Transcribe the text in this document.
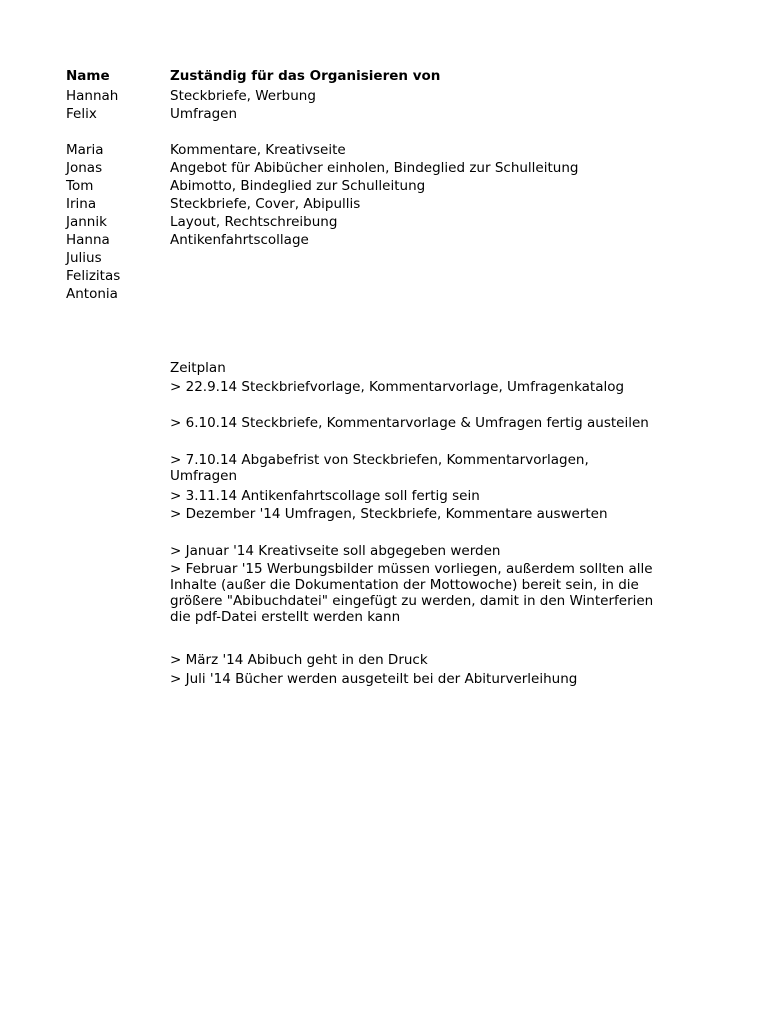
Name	Zuständig für das Organisieren von
Hannah	Steckbriefe, Werbung
Felix	Umfragen
Maria	Kommentare, Kreativseite
Jonas	Angebot für Abibücher einholen, Bindeglied zur Schulleitung
Tom	Abimotto, Bindeglied zur Schulleitung
Irina	Steckbriefe, Cover, Abipullis
Jannik	Layout, Rechtschreibung
Hanna	Antikenfahrtscollage
Julius
Felizitas
Antonia
Zeitplan
> 22.9.14 Steckbriefvorlage, Kommentarvorlage, Umfragenkatalog
> 6.10.14 Steckbriefe, Kommentarvorlage & Umfragen fertig austeilen
> 7.10.14 Abgabefrist von Steckbriefen, Kommentarvorlagen, Umfragen
> 3.11.14 Antikenfahrtscollage soll fertig sein
> Dezember '14 Umfragen, Steckbriefe, Kommentare auswerten
> Januar '14 Kreativseite soll abgegeben werden
> Februar '15 Werbungsbilder müssen vorliegen, außerdem sollten alle Inhalte (außer die Dokumentation der Mottowoche) bereit sein, in die größere "Abibuchdatei" eingefügt zu werden, damit in den Winterferien die pdf-Datei erstellt werden kann
> März '14 Abibuch geht in den Druck
> Juli '14 Bücher werden ausgeteilt bei der Abiturverleihung
